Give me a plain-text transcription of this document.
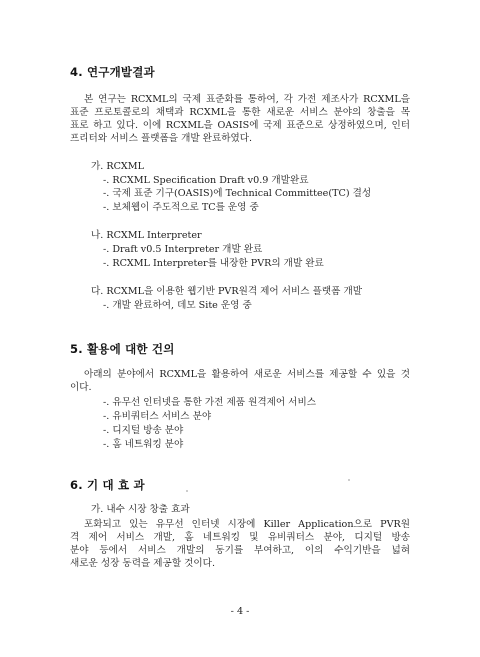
4. 연구개발결과
본 연구는 RCXML의 국제 표준화를 통하여, 각 가전 제조사가 RCXML을
표준 프로토콜로의 채택과 RCXML을 통한 새로운 서비스 분야의 창출을 목
표로 하고 있다. 이에 RCXML을 OASIS에 국제 표준으로 상정하였으며, 인터
프리터와 서비스 플랫폼을 개발 완료하였다.
가. RCXML
-. RCXML Specification Draft v0.9 개발완료
-. 국제 표준 기구(OASIS)에 Technical Committee(TC) 결성
-. 보체웹이 주도적으로 TC를 운영 중
나. RCXML Interpreter
-. Draft v0.5 Interpreter 개발 완료
-. RCXML Interpreter를 내장한 PVR의 개발 완료
다. RCXML을 이용한 웹기반 PVR원격 제어 서비스 플랫폼 개발
-. 개발 완료하여, 데모 Site 운영 중
5. 활용에 대한 건의
아래의 분야에서 RCXML을 활용하여 새로운 서비스를 제공할 수 있을 것
이다.
-. 유무선 인터넷을 통한 가전 제품 원격제어 서비스
-. 유비쿼터스 서비스 분야
-. 디지털 방송 분야
-. 홈 네트워킹 분야
6. 기 대 효 과
가. 내수 시장 창출 효과
포화되고 있는 유무선 인터넷 시장에 Killer Application으로 PVR원
격 제어 서비스 개발, 홈 네트워킹 및 유비쿼터스 분야, 디지털 방송
분야 등에서 서비스 개발의 동기를 부여하고, 이의 수익기반을 넓혀
새로운 성장 동력을 제공할 것이다.
- 4 -
